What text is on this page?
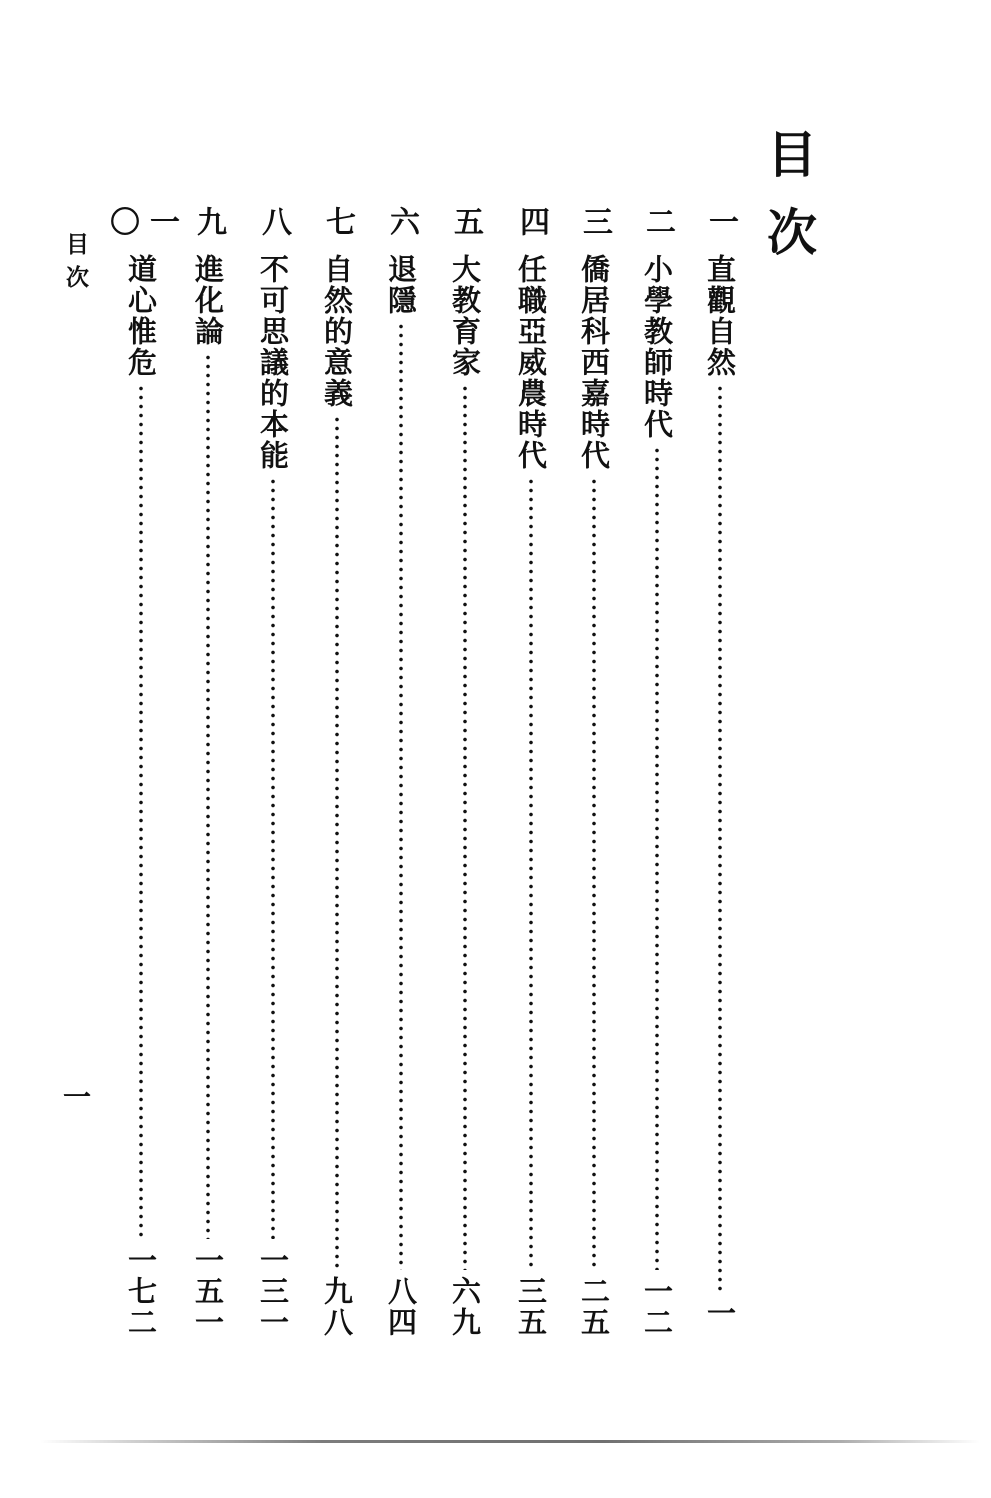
目次
一
直觀自然
一
二
小學教師時代
一二
三
僑居科西嘉時代
二五
四
任職亞威農時代
三五
五
大教育家
六九
六
退隱
八四
七
自然的意義
九八
八
不可思議的本能
一三一
九
進化論
一五一
一〇
道心惟危
一七二
目次
一
